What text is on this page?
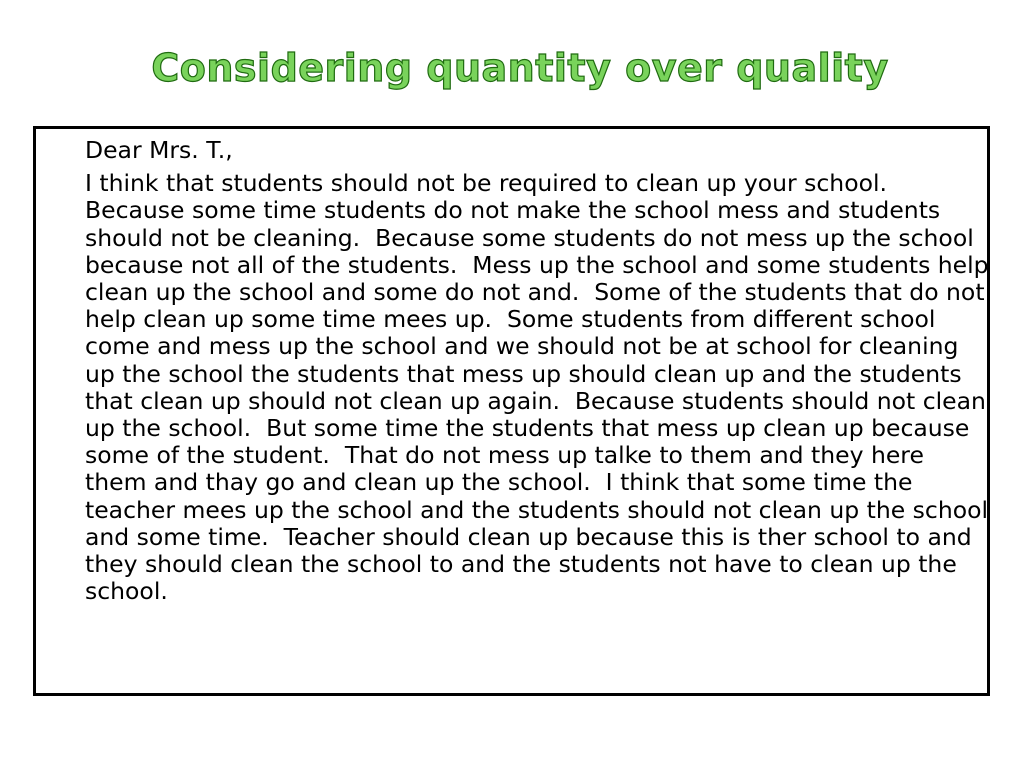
Considering quantity over quality
Dear Mrs. T.,
I think that students should not be required to clean up your school.  Because some time students do not make the school mess and students should not be cleaning.  Because some students do not mess up the school because not all of the students.  Mess up the school and some students help clean up the school and some do not and.  Some of the students that do not help clean up some time mees up.  Some students from different school come and mess up the school and we should not be at school for cleaning up the school the students that mess up should clean up and the students that clean up should not clean up again.  Because students should not clean up the school.  But some time the students that mess up clean up because some of the student.  That do not mess up talke to them and they here them and thay go and clean up the school.  I think that some time the teacher mees up the school and the students should not clean up the school and some time.  Teacher should clean up because this is ther school to and they should clean the school to and the students not have to clean up the school.
